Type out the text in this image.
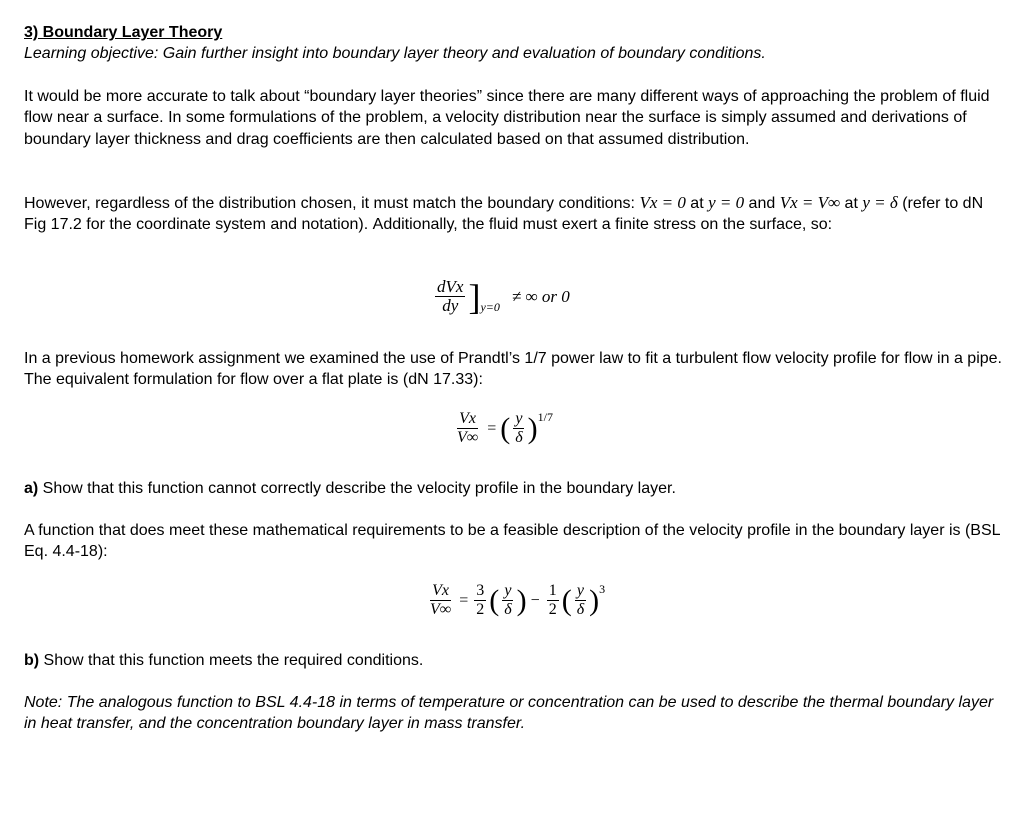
3) Boundary Layer Theory
Learning objective: Gain further insight into boundary layer theory and evaluation of boundary conditions.
It would be more accurate to talk about “boundary layer theories” since there are many different ways of approaching the problem of fluid flow near a surface. In some formulations of the problem, a velocity distribution near the surface is simply assumed and derivations of boundary layer thickness and drag coefficients are then calculated based on that assumed distribution.
However, regardless of the distribution chosen, it must match the boundary conditions: Vx = 0 at y = 0 and Vx = V∞ at y = δ (refer to dN Fig 17.2 for the coordinate system and notation). Additionally, the fluid must exert a finite stress on the surface, so:
$\frac{\text{dVx}}{dy}$ ] y=0
≠ ∞ or 0
In a previous homework assignment we examined the use of Prandtl’s 1/7 power law to fit a turbulent flow velocity profile for flow in a pipe. The equivalent formulation for flow over a flat plate is (dN 17.33):
$\frac{Vx}{V\infty}$ = ( $\frac{y}{\delta}$ ) 1/7
a) Show that this function cannot correctly describe the velocity profile in the boundary layer.
A function that does meet these mathematical requirements to be a feasible description of the velocity profile in the boundary layer is (BSL Eq. 4.4-18):
$\frac{Vx}{V\infty} = \frac{3}{2}$ ( $\frac{y}{\delta}$ ) − $\frac{1}{2}$ ( $\frac{y}{\delta}$ ) 3
b) Show that this function meets the required conditions.
Note: The analogous function to BSL 4.4-18 in terms of temperature or concentration can be used to describe the thermal boundary layer in heat transfer, and the concentration boundary layer in mass transfer.
